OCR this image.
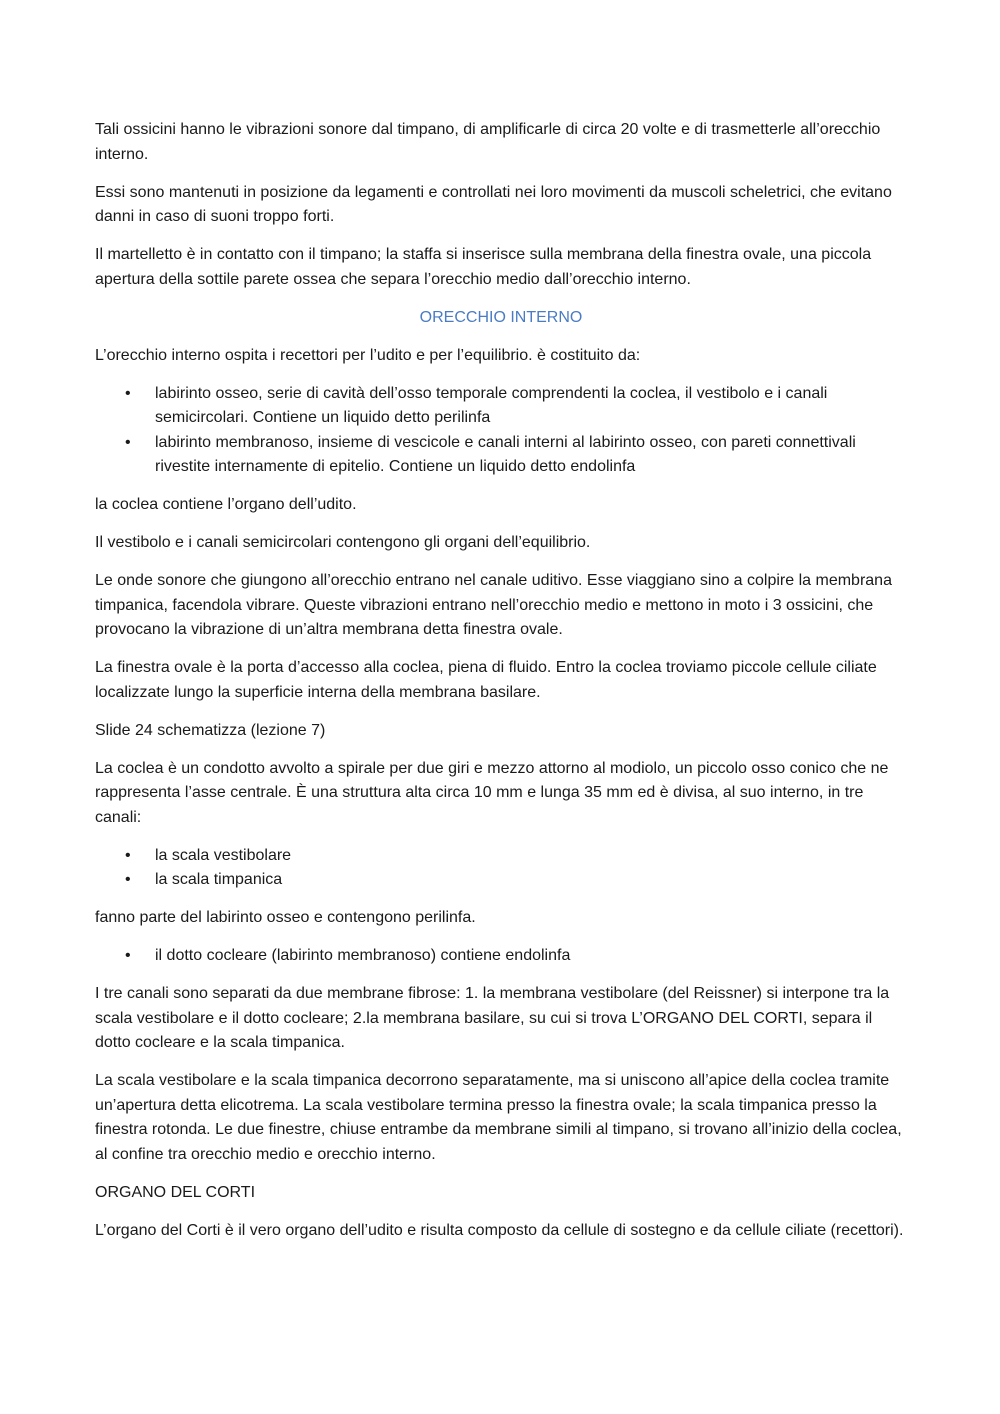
Tali ossicini hanno le vibrazioni sonore dal timpano, di amplificarle di circa 20 volte e di trasmetterle all’orecchio interno.

Essi sono mantenuti in posizione da legamenti e controllati nei loro movimenti da muscoli scheletrici, che evitano danni in caso di suoni troppo forti.

Il martelletto è in contatto con il timpano; la staffa si inserisce sulla membrana della finestra ovale, una piccola apertura della sottile parete ossea che separa l’orecchio medio dall’orecchio interno.

ORECCHIO INTERNO

L’orecchio interno ospita i recettori per l’udito e per l’equilibrio. è costituito da:

• labirinto osseo, serie di cavità dell’osso temporale comprendenti la coclea, il vestibolo e i canali semicircolari. Contiene un liquido detto perilinfa
• labirinto membranoso, insieme di vescicole e canali interni al labirinto osseo, con pareti connettivali rivestite internamente di epitelio. Contiene un liquido detto endolinfa

la coclea contiene l’organo dell’udito.

Il vestibolo e i canali semicircolari contengono gli organi dell’equilibrio.

Le onde sonore che giungono all’orecchio entrano nel canale uditivo. Esse viaggiano sino a colpire la membrana timpanica, facendola vibrare. Queste vibrazioni entrano nell’orecchio medio e mettono in moto i 3 ossicini, che provocano la vibrazione di un’altra membrana detta finestra ovale.

La finestra ovale è la porta d’accesso alla coclea, piena di fluido. Entro la coclea troviamo piccole cellule ciliate localizzate lungo la superficie interna della membrana basilare.

Slide 24 schematizza (lezione 7)

La coclea è un condotto avvolto a spirale per due giri e mezzo attorno al modiolo, un piccolo osso conico che ne rappresenta l’asse centrale. È una struttura alta circa 10 mm e lunga 35 mm ed è divisa, al suo interno, in tre canali:

• la scala vestibolare
• la scala timpanica

fanno parte del labirinto osseo e contengono perilinfa.

• il dotto cocleare (labirinto membranoso) contiene endolinfa

I tre canali sono separati da due membrane fibrose: 1. la membrana vestibolare (del Reissner) si interpone tra la scala vestibolare e il dotto cocleare; 2.la membrana basilare, su cui si trova L’ORGANO DEL CORTI, separa il dotto cocleare e la scala timpanica.

La scala vestibolare e la scala timpanica decorrono separatamente, ma si uniscono all’apice della coclea tramite un’apertura detta elicotrema. La scala vestibolare termina presso la finestra ovale; la scala timpanica presso la finestra rotonda. Le due finestre, chiuse entrambe da membrane simili al timpano, si trovano all’inizio della coclea, al confine tra orecchio medio e orecchio interno.

ORGANO DEL CORTI

L’organo del Corti è il vero organo dell’udito e risulta composto da cellule di sostegno e da cellule ciliate (recettori).
